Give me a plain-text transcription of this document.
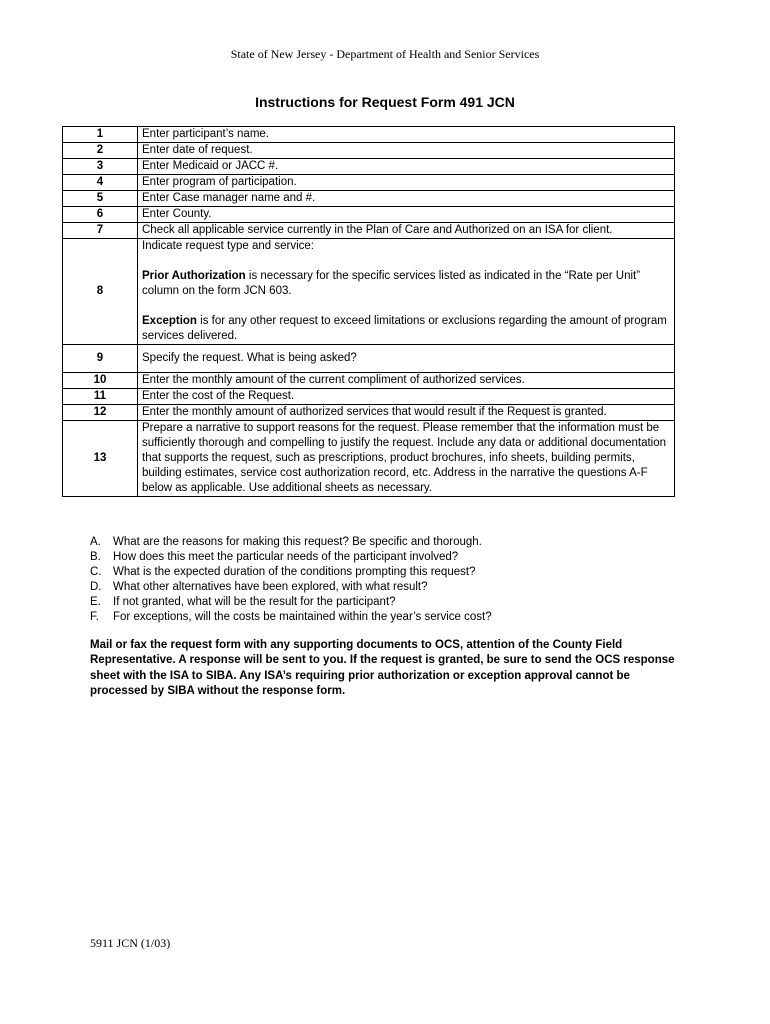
State of New Jersey - Department of Health and Senior Services
Instructions for Request Form 491 JCN
1	Enter participant’s name.
2	Enter date of request.
3	Enter Medicaid or JACC #.
4	Enter program of participation.
5	Enter Case manager name and #.
6	Enter County.
7	Check all applicable service currently in the Plan of Care and Authorized on an ISA for client.
8	Indicate request type and service:

Prior Authorization is necessary for the specific services listed as indicated in the “Rate per Unit” column on the form JCN 603.

Exception is for any other request to exceed limitations or exclusions regarding the amount of program services delivered.

9	Specify the request. What is being asked?
10	Enter the monthly amount of the current compliment of authorized services.
11	Enter the cost of the Request.
12	Enter the monthly amount of authorized services that would result if the Request is granted.
13	Prepare a narrative to support reasons for the request. Please remember that the information must be sufficiently thorough and compelling to justify the request. Include any data or additional documentation that supports the request, such as prescriptions, product brochures, info sheets, building permits, building estimates, service cost authorization record, etc. Address in the narrative the questions A-F below as applicable. Use additional sheets as necessary.
A.	What are the reasons for making this request? Be specific and thorough.
B.	How does this meet the particular needs of the participant involved?
C.	What is the expected duration of the conditions prompting this request?
D.	What other alternatives have been explored, with what result?
E.	If not granted, what will be the result for the participant?
F.	For exceptions, will the costs be maintained within the year’s service cost?
Mail or fax the request form with any supporting documents to OCS, attention of the County Field Representative. A response will be sent to you. If the request is granted, be sure to send the OCS response sheet with the ISA to SIBA. Any ISA’s requiring prior authorization or exception approval cannot be processed by SIBA without the response form.
5911 JCN (1/03)
